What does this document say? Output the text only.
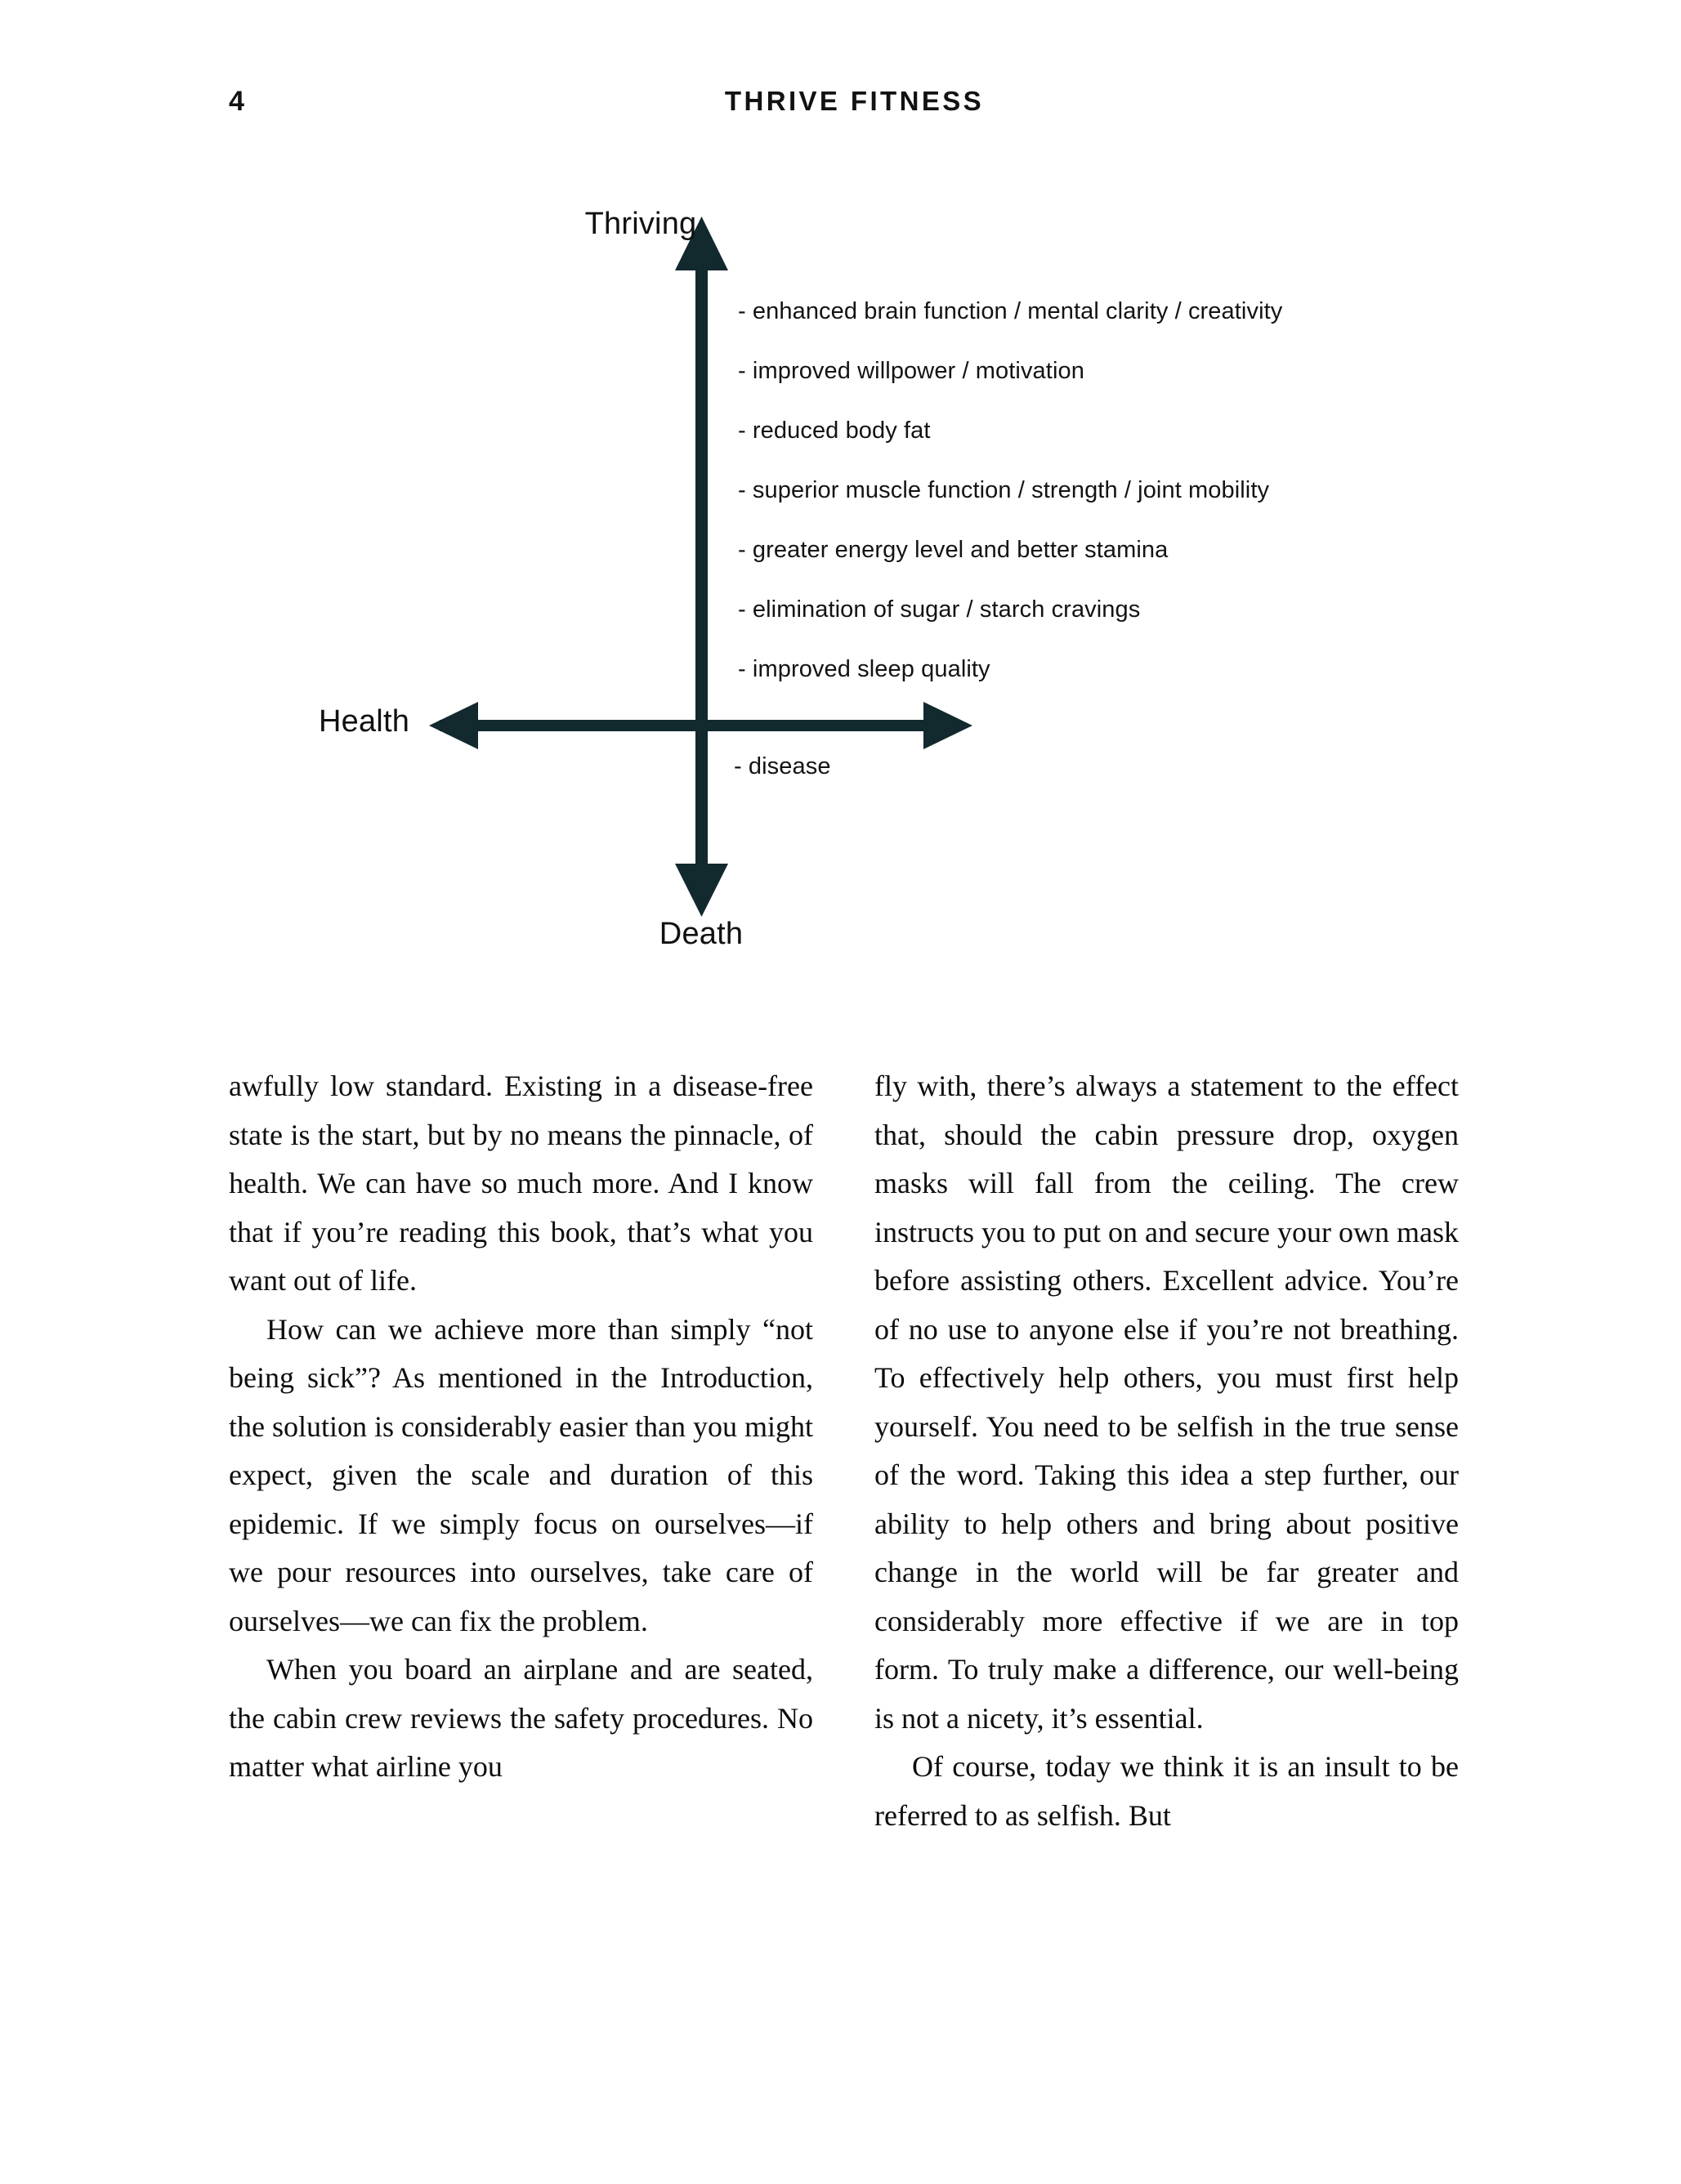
4	THRIVE FITNESS
Thriving
Death
Health
- enhanced brain function / mental clarity / creativity
- improved willpower / motivation
- reduced body fat
- superior muscle function / strength / joint mobility
- greater energy level and better stamina
- elimination of sugar / starch cravings
- improved sleep quality
- disease

awfully low standard. Existing in a disease-free state is the start, but by no means the pinnacle, of health. We can have so much more. And I know that if you’re reading this book, that’s what you want out of life.

How can we achieve more than simply “not being sick”? As mentioned in the Introduction, the solution is considerably easier than you might expect, given the scale and duration of this epidemic. If we simply focus on ourselves—if we pour resources into ourselves, take care of ourselves—we can fix the problem.

When you board an airplane and are seated, the cabin crew reviews the safety procedures. No matter what airline you

fly with, there’s always a statement to the effect that, should the cabin pressure drop, oxygen masks will fall from the ceiling. The crew instructs you to put on and secure your own mask before assisting others. Excellent advice. You’re of no use to anyone else if you’re not breathing. To effectively help others, you must first help yourself. You need to be selfish in the true sense of the word. Taking this idea a step further, our ability to help others and bring about positive change in the world will be far greater and considerably more effective if we are in top form. To truly make a difference, our well-being is not a nicety, it’s essential.

Of course, today we think it is an insult to be referred to as selfish. But
